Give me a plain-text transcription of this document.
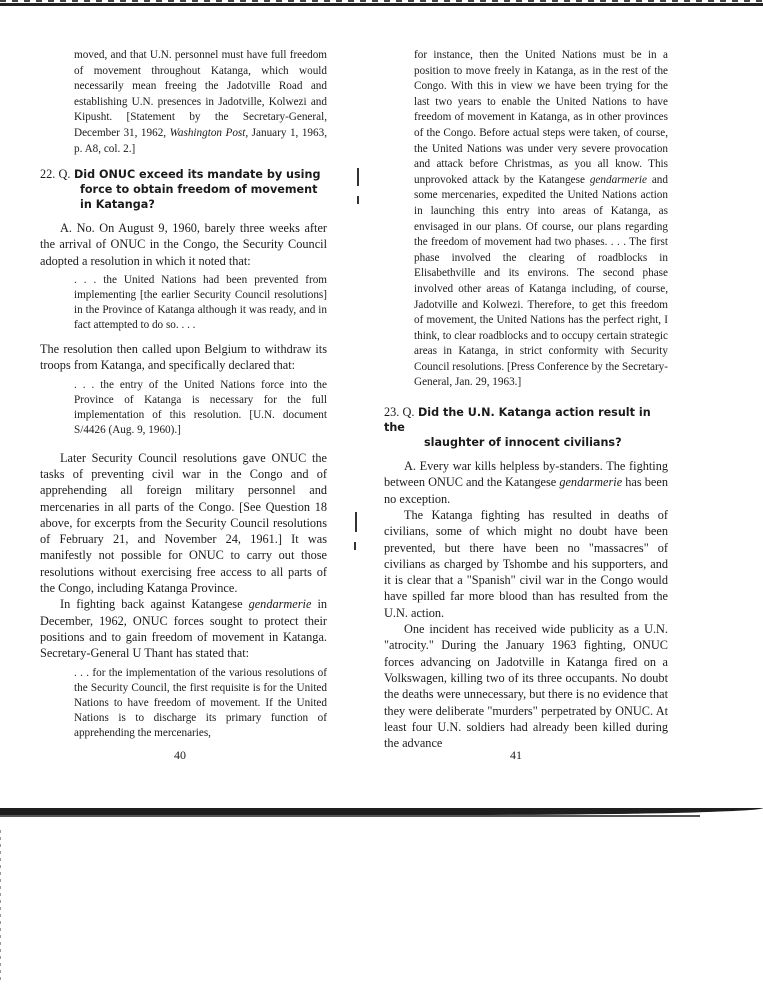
moved, and that U.N. personnel must have full freedom of movement throughout Katanga, which would necessarily mean freeing the Jadotville Road and establishing U.N. presences in Jadotville, Kolwezi and Kipusht. [Statement by the Secretary-General, December 31, 1962, Washington Post, January 1, 1963, p. A8, col. 2.]
22. Q. Did ONUC exceed its mandate by using
force to obtain freedom of movement in Katanga?

A. No. On August 9, 1960, barely three weeks after the arrival of ONUC in the Congo, the Security Council adopted a resolution in which it noted that:

. . . the United Nations had been prevented from implementing [the earlier Security Council resolutions] in the Province of Katanga although it was ready, and in fact attempted to do so. . . .

The resolution then called upon Belgium to withdraw its troops from Katanga, and specifically declared that:

. . . the entry of the United Nations force into the Province of Katanga is necessary for the full implementation of this resolution. [U.N. document S/4426 (Aug. 9, 1960).]

Later Security Council resolutions gave ONUC the tasks of preventing civil war in the Congo and of apprehending all foreign military personnel and mercenaries in all parts of the Congo. [See Question 18 above, for excerpts from the Security Council resolutions of February 21, and November 24, 1961.] It was manifestly not possible for ONUC to carry out those resolutions without exercising free access to all parts of the Congo, including Katanga Province.

In fighting back against Katangese gendarmerie in December, 1962, ONUC forces sought to protect their positions and to gain freedom of movement in Katanga. Secretary-General U Thant has stated that:

. . . for the implementation of the various resolutions of the Security Council, the first requisite is for the United Nations to have freedom of movement. If the United Nations is to discharge its primary function of apprehending the mercenaries,
40
for instance, then the United Nations must be in a position to move freely in Katanga, as in the rest of the Congo. With this in view we have been trying for the last two years to enable the United Nations to have freedom of movement in Katanga, as in other provinces of the Congo. Before actual steps were taken, of course, the United Nations was under very severe provocation and attack before Christmas, as you all know. This unprovoked attack by the Katangese gendarmerie and some mercenaries, expedited the United Nations action in launching this entry into areas of Katanga, as envisaged in our plans. Of course, our plans regarding the freedom of movement had two phases. . . . The first phase involved the clearing of roadblocks in Elisabethville and its environs. The second phase involved other areas of Katanga including, of course, Jadotville and Kolwezi. Therefore, to get this freedom of movement, the United Nations has the perfect right, I think, to clear roadblocks and to occupy certain strategic areas in Katanga, in strict conformity with Security Council resolutions. [Press Conference by the Secretary-General, Jan. 29, 1963.]
23. Q. Did the U.N. Katanga action result in the
slaughter of innocent civilians?

A. Every war kills helpless by-standers. The fighting between ONUC and the Katangese gendarmerie has been no exception.

The Katanga fighting has resulted in deaths of civilians, some of which might no doubt have been prevented, but there have been no "massacres" of civilians as charged by Tshombe and his supporters, and it is clear that a "Spanish" civil war in the Congo would have spilled far more blood than has resulted from the U.N. action.

One incident has received wide publicity as a U.N. "atrocity." During the January 1963 fighting, ONUC forces advancing on Jadotville in Katanga fired on a Volkswagen, killing two of its three occupants. No doubt the deaths were unnecessary, but there is no evidence that they were deliberate "murders" perpetrated by ONUC. At least four U.N. soldiers had already been killed during the advance

41
